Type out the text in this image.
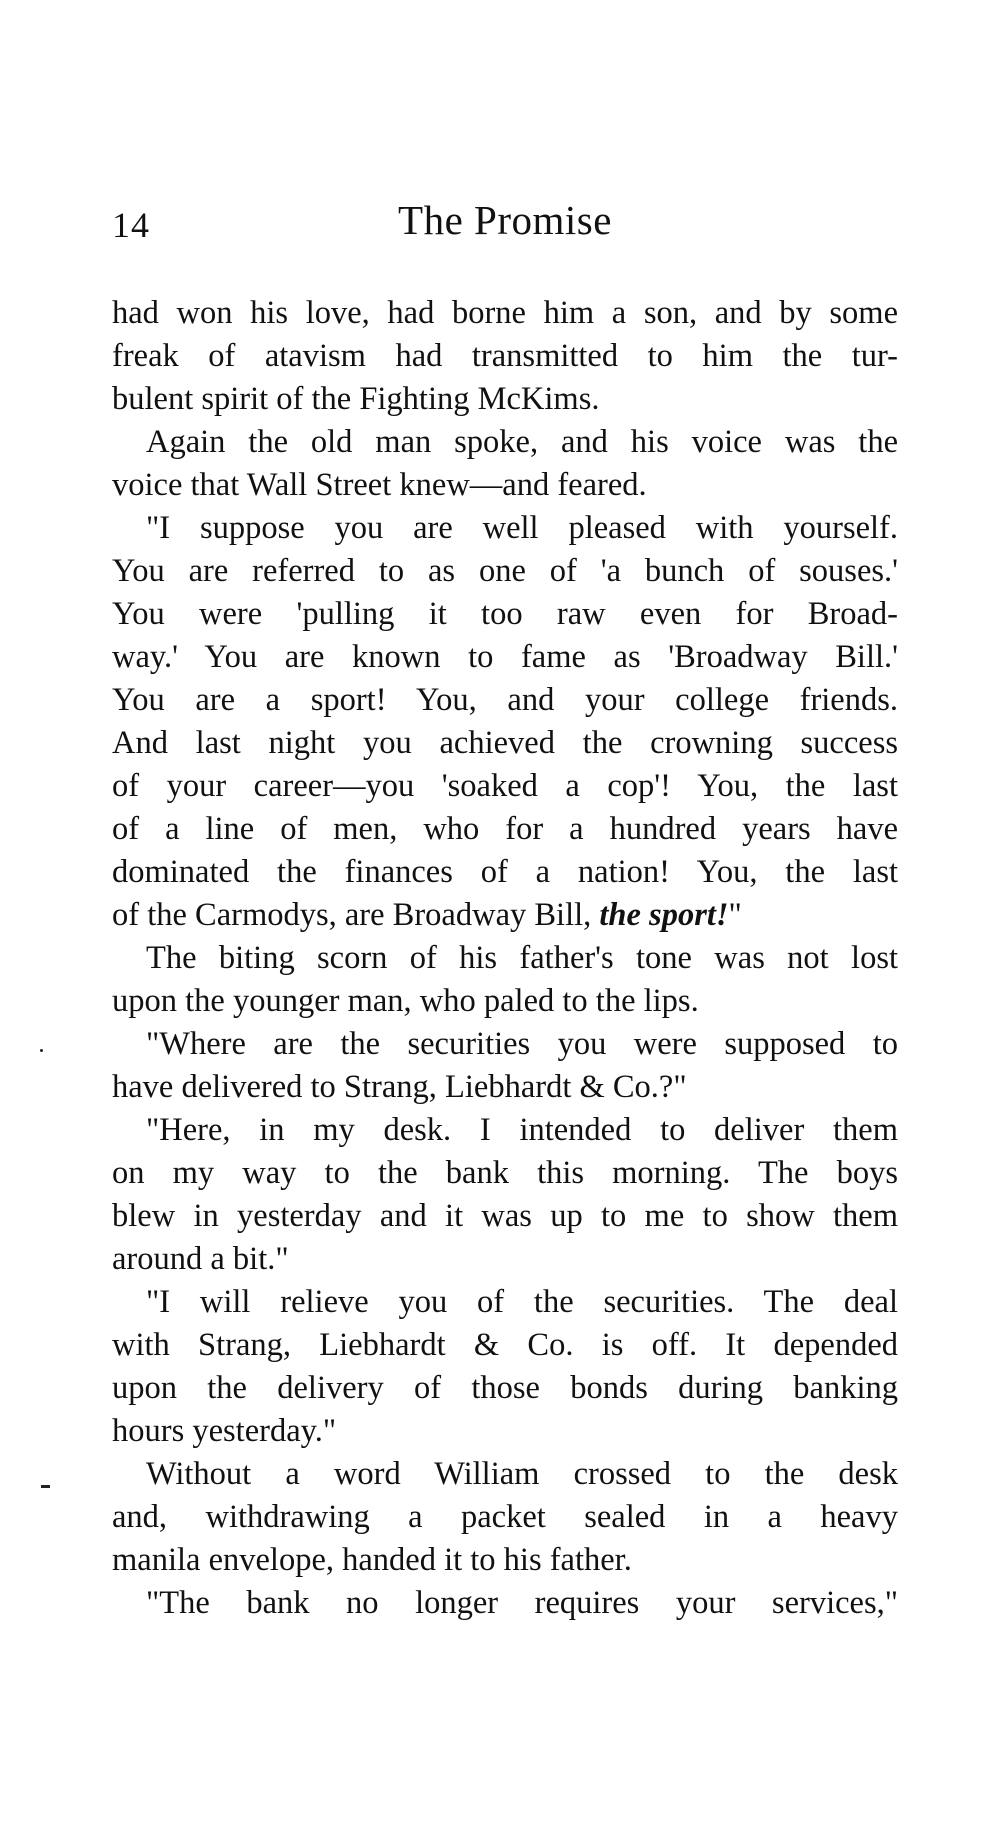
14	The Promise
had won his love, had borne him a son, and by some
freak of atavism had transmitted to him the tur-
bulent spirit of the Fighting McKims.
Again the old man spoke, and his voice was the
voice that Wall Street knew—and feared.
"I suppose you are well pleased with yourself.
You are referred to as one of 'a bunch of souses.'
You were 'pulling it too raw even for Broad-
way.' You are known to fame as 'Broadway Bill.'
You are a sport! You, and your college friends.
And last night you achieved the crowning success
of your career—you 'soaked a cop'! You, the last
of a line of men, who for a hundred years have
dominated the finances of a nation! You, the last
of the Carmodys, are Broadway Bill, the sport!"
The biting scorn of his father's tone was not lost
upon the younger man, who paled to the lips.
"Where are the securities you were supposed to
have delivered to Strang, Liebhardt & Co.?"
"Here, in my desk. I intended to deliver them
on my way to the bank this morning. The boys
blew in yesterday and it was up to me to show them
around a bit."
"I will relieve you of the securities. The deal
with Strang, Liebhardt & Co. is off. It depended
upon the delivery of those bonds during banking
hours yesterday."
Without a word William crossed to the desk
and, withdrawing a packet sealed in a heavy
manila envelope, handed it to his father.
"The bank no longer requires your services,"
